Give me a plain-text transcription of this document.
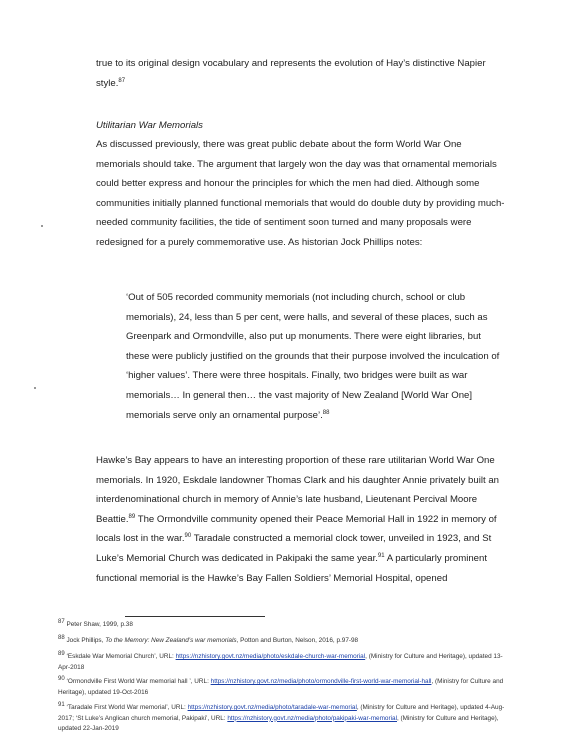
true to its original design vocabulary and represents the evolution of Hay’s distinctive Napier style.$^{87}$

Utilitarian War Memorials

As discussed previously, there was great public debate about the form World War One memorials should take. The argument that largely won the day was that ornamental memorials could better express and honour the principles for which the men had died. Although some communities initially planned functional memorials that would do double duty by providing much-needed community facilities, the tide of sentiment soon turned and many proposals were redesigned for a purely commemorative use. As historian Jock Phillips notes:

‘Out of 505 recorded community memorials (not including church, school or club memorials), 24, less than 5 per cent, were halls, and several of these places, such as Greenpark and Ormondville, also put up monuments. There were eight libraries, but these were publicly justified on the grounds that their purpose involved the inculcation of ‘higher values’. There were three hospitals. Finally, two bridges were built as war memorials… In general then… the vast majority of New Zealand [World War One] memorials serve only an ornamental purpose’.$^{88}$

Hawke’s Bay appears to have an interesting proportion of these rare utilitarian World War One memorials. In 1920, Eskdale landowner Thomas Clark and his daughter Annie privately built an interdenominational church in memory of Annie’s late husband, Lieutenant Percival Moore Beattie.$^{89}$ The Ormondville community opened their Peace Memorial Hall in 1922 in memory of locals lost in the war.$^{90}$ Taradale constructed a memorial clock tower, unveiled in 1923, and St Luke’s Memorial Church was dedicated in Pakipaki the same year.$^{91}$ A particularly prominent functional memorial is the Hawke’s Bay Fallen Soldiers’ Memorial Hospital, opened

$^{87}$ Peter Shaw, 1999, p.38

$^{88}$ Jock Phillips, To the Memory: New Zealand’s war memorials, Potton and Burton, Nelson, 2016, p.97-98

$^{89}$ ‘Eskdale War Memorial Church’, URL: https://nzhistory.govt.nz/media/photo/eskdale-church-war-memorial, (Ministry for Culture and Heritage), updated 13-Apr-2018

$^{90}$ ‘Ormondville First World War memorial hall ’, URL: https://nzhistory.govt.nz/media/photo/ormondville-first-world-war-memorial-hall, (Ministry for Culture and Heritage), updated 19-Oct-2016

$^{91}$ ‘Taradale First World War memorial’, URL: https://nzhistory.govt.nz/media/photo/taradale-war-memorial, (Ministry for Culture and Heritage), updated 4-Aug-2017; ‘St Luke’s Anglican church memorial, Pakipaki’, URL: https://nzhistory.govt.nz/media/photo/pakipaki-war-memorial, (Ministry for Culture and Heritage), updated 22-Jan-2019
